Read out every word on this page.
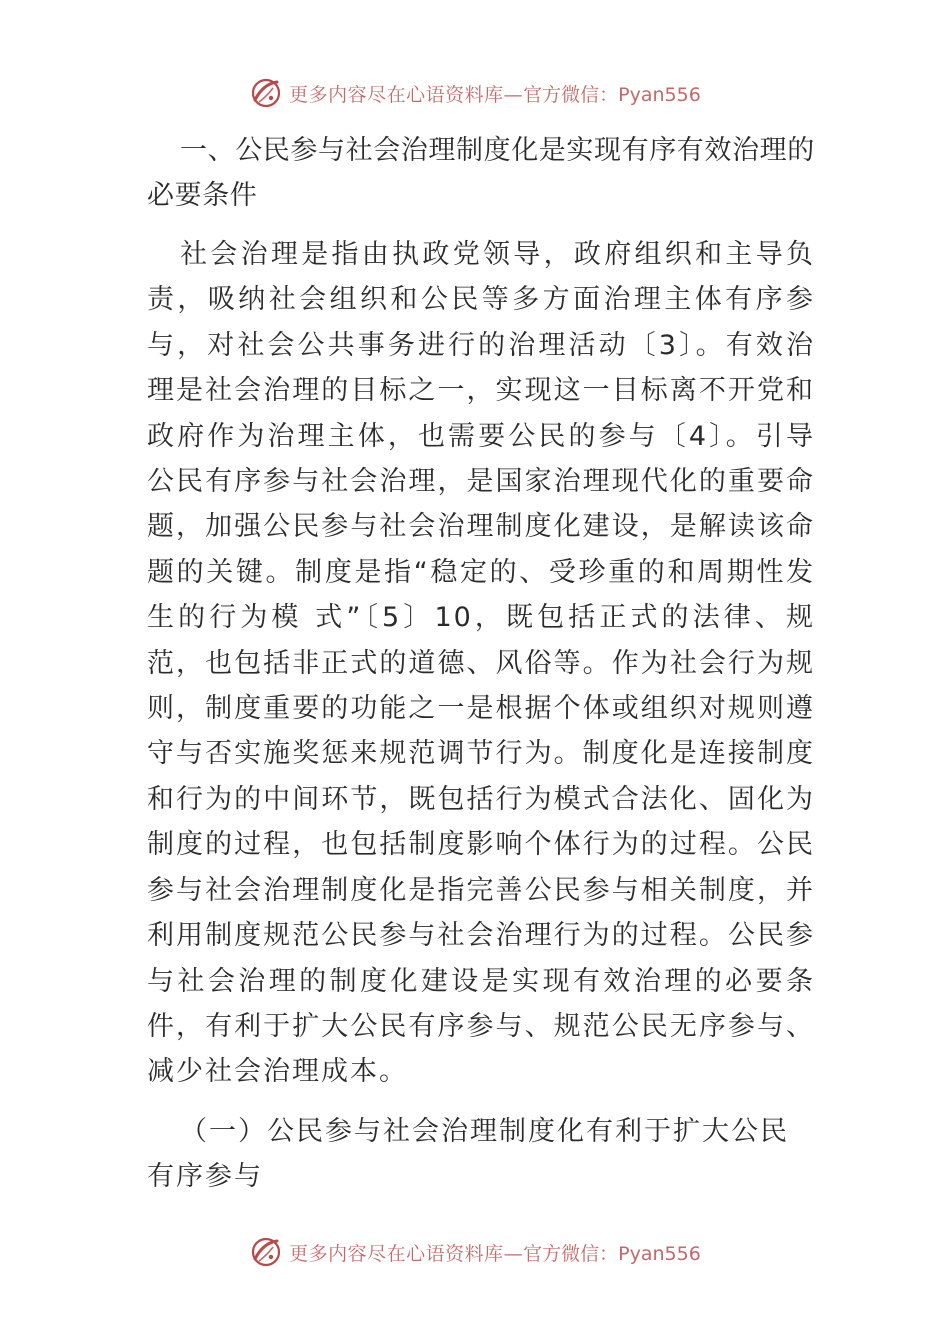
更多内容尽在心语资料库— 官方微信：Pyan556
一、公民参与社会治理制度化是实现有序有效治理的必要条件

社会治理是指由执政党领导，政府组织和主导负责，吸纳社会组织和公民等多方面治理主体有序参与，对社会公共事务进行的治理活动〔3〕。有效治理是社会治理的目标之一，实现这一目标离不开党和政府作为治理主体，也需要公民的参与〔4〕。引导公民有序参与社会治理，是国家治理现代化的重要命题，加强公民参与社会治理制度化建设，是解读该命题的关键。制度是指“稳定的、受珍重的和周期性发生的行为模 式”〔5〕10，既包括正式的法律、规范，也包括非正式的道德、风俗等。作为社会行为规则，制度重要的功能之一是根据个体或组织对规则遵守与否实施奖惩来规范调节行为。制度化是连接制度和行为的中间环节，既包括行为模式合法化、固化为制度的过程，也包括制度影响个体行为的过程。公民参与社会治理制度化是指完善公民参与相关制度，并利用制度规范公民参与社会治理行为的过程。公民参与社会治理的制度化建设是实现有效治理的必要条件，有利于扩大公民有序参与、规范公民无序参与、减少社会治理成本。

（一）公民参与社会治理制度化有利于扩大公民有序参与
更多内容尽在心语资料库— 官方微信：Pyan556
